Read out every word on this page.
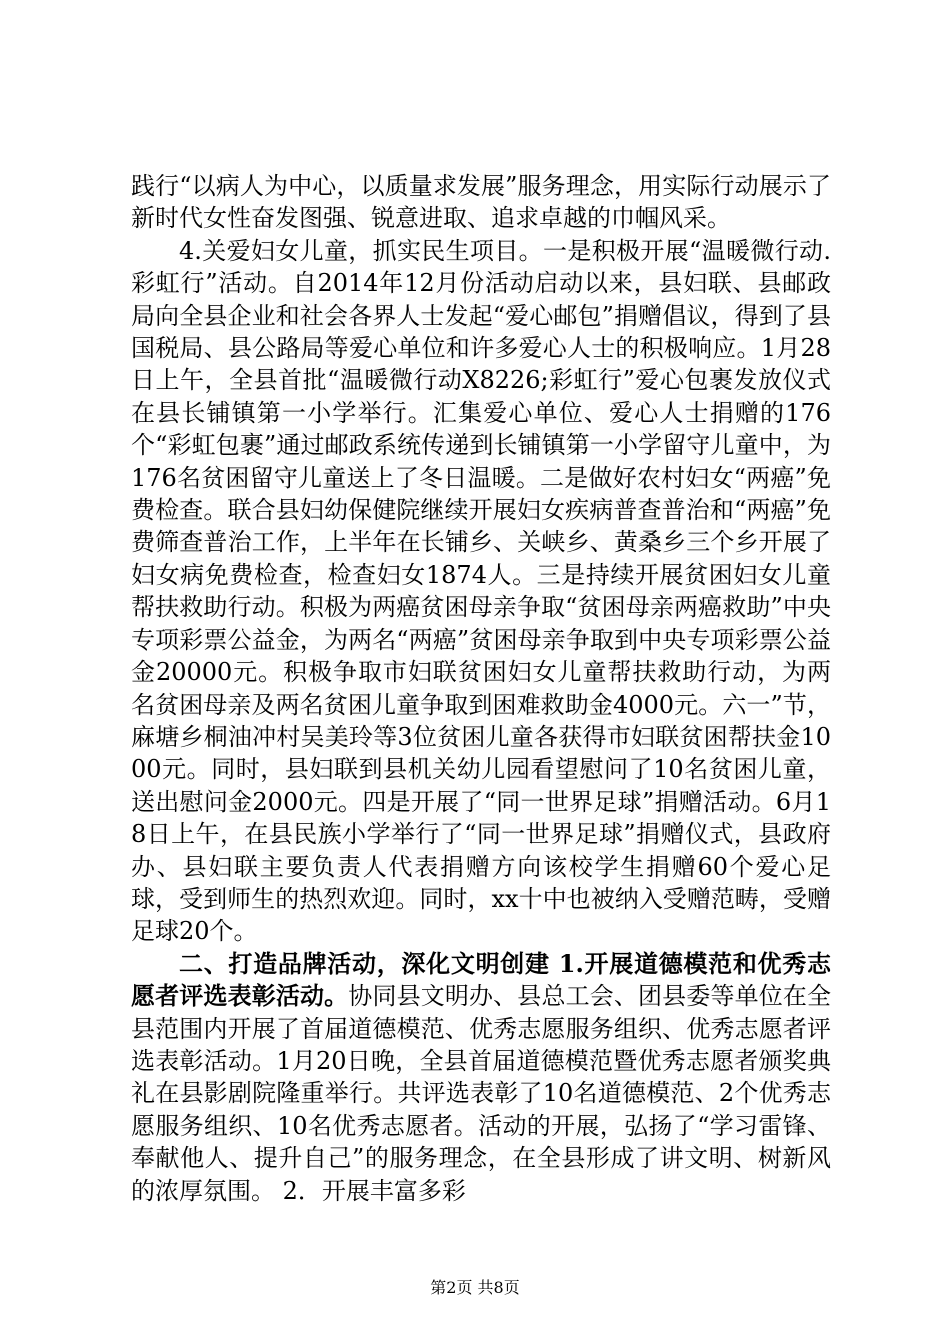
践行“以病人为中心，以质量求发展”服务理念，用实际行动展示了新时代女性奋发图强、锐意进取、追求卓越的巾帼风采。

4.关爱妇女儿童，抓实民生项目。一是积极开展“温暖微行动.彩虹行”活动。自2014年12月份活动启动以来，县妇联、县邮政局向全县企业和社会各界人士发起“爱心邮包”捐赠倡议，得到了县国税局、县公路局等爱心单位和许多爱心人士的积极响应。1月28日上午，全县首批“温暖微行动X8226;彩虹行”爱心包裹发放仪式在县长铺镇第一小学举行。汇集爱心单位、爱心人士捐赠的176个“彩虹包裹”通过邮政系统传递到长铺镇第一小学留守儿童中，为176名贫困留守儿童送上了冬日温暖。二是做好农村妇女“两癌”免费检查。联合县妇幼保健院继续开展妇女疾病普查普治和“两癌”免费筛查普治工作，上半年在长铺乡、关峡乡、黄桑乡三个乡开展了妇女病免费检查，检查妇女1874人。三是持续开展贫困妇女儿童帮扶救助行动。积极为两癌贫困母亲争取“贫困母亲两癌救助”中央专项彩票公益金，为两名“两癌”贫困母亲争取到中央专项彩票公益金20000元。积极争取市妇联贫困妇女儿童帮扶救助行动，为两名贫困母亲及两名贫困儿童争取到困难救助金4000元。六一”节，麻塘乡桐油冲村吴美玲等3位贫困儿童各获得市妇联贫困帮扶金1000元。同时，县妇联到县机关幼儿园看望慰问了10名贫困儿童，送出慰问金2000元。四是开展了“同一世界足球”捐赠活动。6月18日上午，在县民族小学举行了“同一世界足球”捐赠仪式，县政府办、县妇联主要负责人代表捐赠方向该校学生捐赠60个爱心足球，受到师生的热烈欢迎。同时，xx十中也被纳入受赠范畴，受赠足球20个。

二、打造品牌活动，深化文明创建 1.开展道德模范和优秀志愿者评选表彰活动。协同县文明办、县总工会、团县委等单位在全县范围内开展了首届道德模范、优秀志愿服务组织、优秀志愿者评选表彰活动。1月20日晚，全县首届道德模范暨优秀志愿者颁奖典礼在县影剧院隆重举行。共评选表彰了10名道德模范、2个优秀志愿服务组织、10名优秀志愿者。活动的开展，弘扬了“学习雷锋、奉献他人、提升自己”的服务理念，在全县形成了讲文明、树新风的浓厚氛围。 2．开展丰富多彩

第2页 共8页
